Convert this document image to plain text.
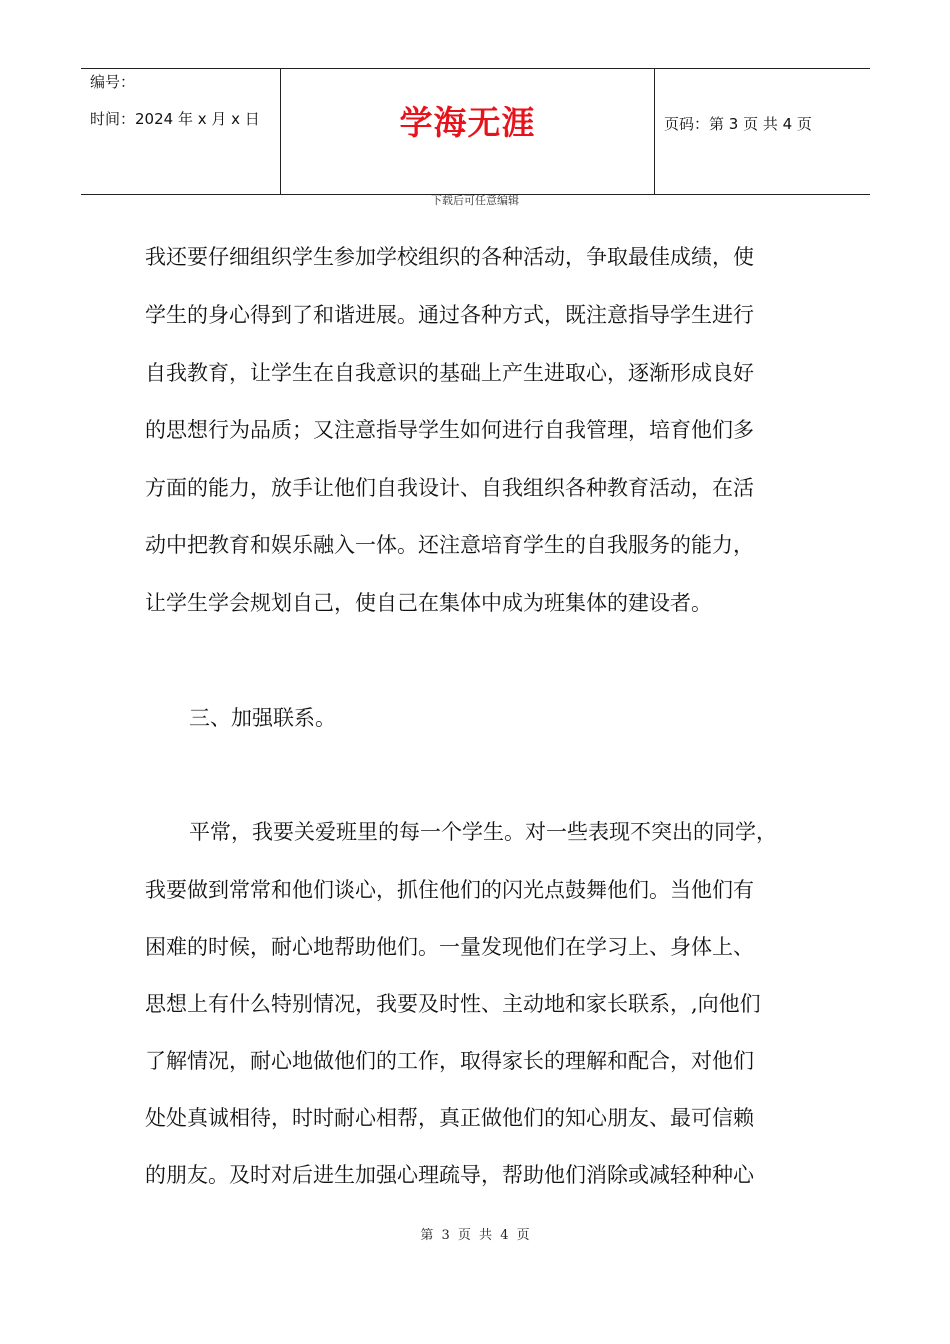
编号：
时间：2024 年 x 月 x 日	学海无涯	页码：第 3 页 共 4 页
下载后可任意编辑
我还要仔细组织学生参加学校组织的各种活动，争取最佳成绩，使
学生的身心得到了和谐进展。通过各种方式，既注意指导学生进行
自我教育，让学生在自我意识的基础上产生进取心，逐渐形成良好
的思想行为品质；又注意指导学生如何进行自我管理，培育他们多
方面的能力，放手让他们自我设计、自我组织各种教育活动，在活
动中把教育和娱乐融入一体。还注意培育学生的自我服务的能力，
让学生学会规划自己，使自己在集体中成为班集体的建设者。
三、加强联系。
平常，我要关爱班里的每一个学生。对一些表现不突出的同学，
我要做到常常和他们谈心，抓住他们的闪光点鼓舞他们。当他们有
困难的时候，耐心地帮助他们。一量发现他们在学习上、身体上、
思想上有什么特别情况，我要及时性、主动地和家长联系，,向他们
了解情况，耐心地做他们的工作，取得家长的理解和配合，对他们
处处真诚相待，时时耐心相帮，真正做他们的知心朋友、最可信赖
的朋友。及时对后进生加强心理疏导，帮助他们消除或减轻种种心
第 3 页 共 4 页
